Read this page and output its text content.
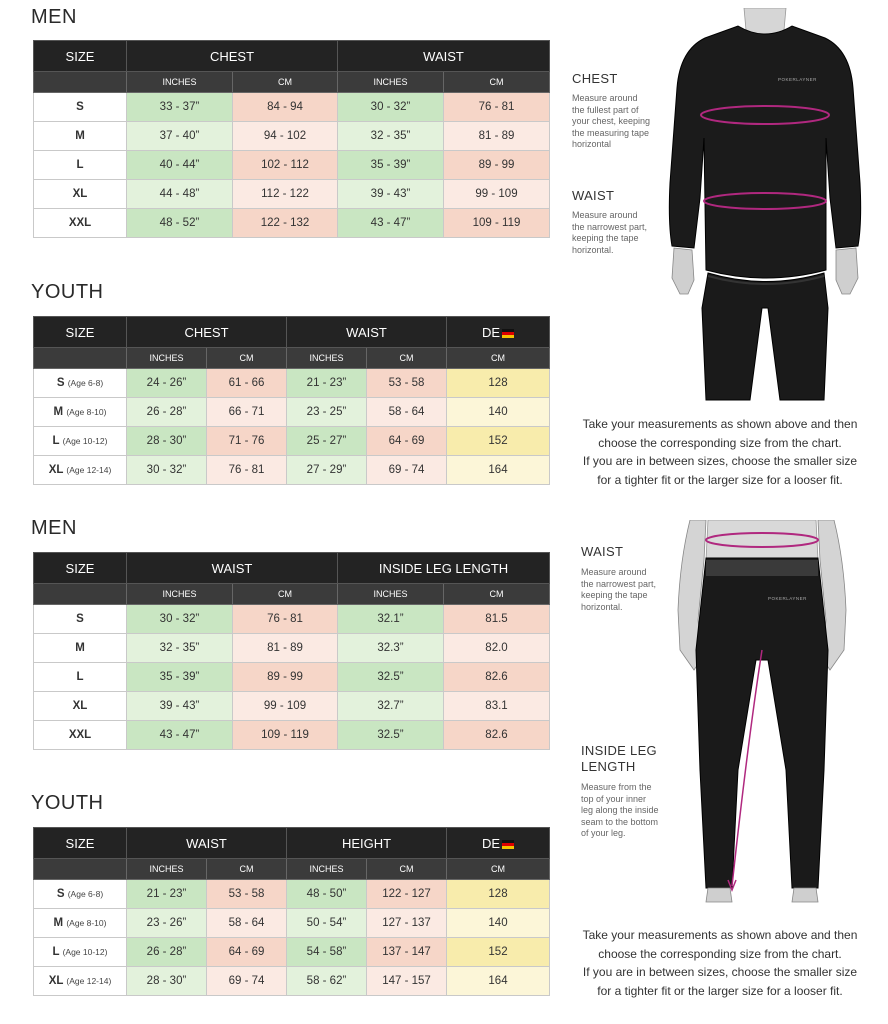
MEN
SIZE	CHEST		WAIST	
	INCHES	CM	INCHES	CM
S	33 - 37”	84 - 94	30 - 32”	76 - 81
M	37 - 40”	94 - 102	32 - 35”	81 - 89
L	40 - 44”	102 - 112	35 - 39”	89 - 99
XL	44 - 48”	112 - 122	39 - 43”	99 - 109
XXL	48 - 52”	122 - 132	43 - 47”	109 - 119
YOUTH
SIZE	CHEST		WAIST		DE
	INCHES	CM	INCHES	CM	CM
S (Age 6-8)	24 - 26”	61 - 66	21 - 23”	53 - 58	128
M (Age 8-10)	26 - 28”	66 - 71	23 - 25”	58 - 64	140
L (Age 10-12)	28 - 30”	71 - 76	25 - 27”	64 - 69	152
XL (Age 12-14)	30 - 32”	76 - 81	27 - 29”	69 - 74	164
MEN
SIZE	WAIST		INSIDE LEG LENGTH	
	INCHES	CM	INCHES	CM
S	30 - 32”	76 - 81	32.1”	81.5
M	32 - 35”	81 - 89	32.3”	82.0
L	35 - 39”	89 - 99	32.5”	82.6
XL	39 - 43”	99 - 109	32.7”	83.1
XXL	43 - 47”	109 - 119	32.5”	82.6
YOUTH
SIZE	WAIST		HEIGHT		DE
	INCHES	CM	INCHES	CM	CM
S (Age 6-8)	21 - 23”	53 - 58	48 - 50”	122 - 127	128
M (Age 8-10)	23 - 26”	58 - 64	50 - 54”	127 - 137	140
L (Age 10-12)	26 - 28”	64 - 69	54 - 58”	137 - 147	152
XL (Age 12-14)	28 - 30”	69 - 74	58 - 62”	147 - 157	164
POKERLAYNER
CHEST
Measure around
the fullest part of
your chest, keeping
the measuring tape
horizontal
WAIST
Measure around
the narrowest part,
keeping the tape
horizontal.
Take your measurements as shown above and then
choose the corresponding size from the chart.
If you are in between sizes, choose the smaller size
for a tighter fit or the larger size for a looser fit.
POKERLAYNER
WAIST
Measure around
the narrowest part,
keeping the tape
horizontal.
INSIDE LEG
LENGTH
Measure from the
top of your inner
leg along the inside
seam to the bottom
of your leg.
Take your measurements as shown above and then
choose the corresponding size from the chart.
If you are in between sizes, choose the smaller size
for a tighter fit or the larger size for a looser fit.
